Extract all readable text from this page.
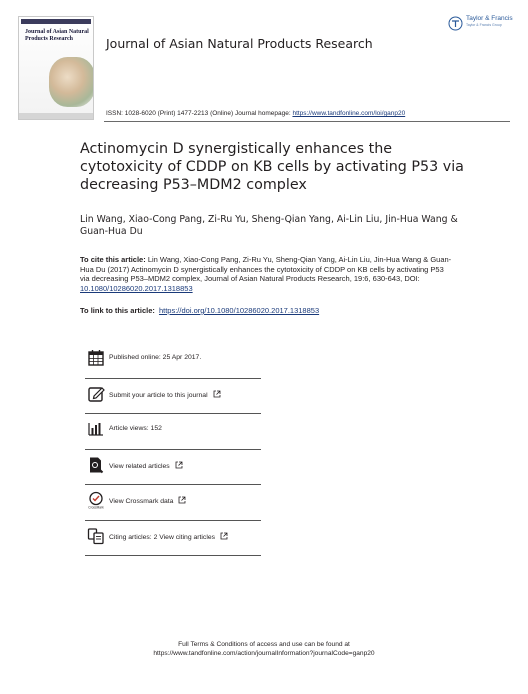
Journal of Asian Natural Products Research	Journal of Asian Natural Products Research
Taylor & Francis
Taylor & Francis Group
ISSN: 1028-6020 (Print) 1477-2213 (Online) Journal homepage: https://www.tandfonline.com/loi/ganp20
Actinomycin D synergistically enhances the cytotoxicity of CDDP on KB cells by activating P53 via decreasing P53–MDM2 complex
Lin Wang, Xiao-Cong Pang, Zi-Ru Yu, Sheng-Qian Yang, Ai-Lin Liu, Jin-Hua Wang & Guan-Hua Du
To cite this article: Lin Wang, Xiao-Cong Pang, Zi-Ru Yu, Sheng-Qian Yang, Ai-Lin Liu, Jin-Hua Wang & Guan-Hua Du (2017) Actinomycin D synergistically enhances the cytotoxicity of CDDP on KB cells by activating P53 via decreasing P53–MDM2 complex, Journal of Asian Natural Products Research, 19:6, 630-643, DOI: 10.1080/10286020.2017.1318853
To link to this article: https://doi.org/10.1080/10286020.2017.1318853
Published online: 25 Apr 2017.
Submit your article to this journal
Article views: 152
View related articles
CrossMark
View Crossmark data
Citing articles: 2 View citing articles
Full Terms & Conditions of access and use can be found at
https://www.tandfonline.com/action/journalInformation?journalCode=ganp20
